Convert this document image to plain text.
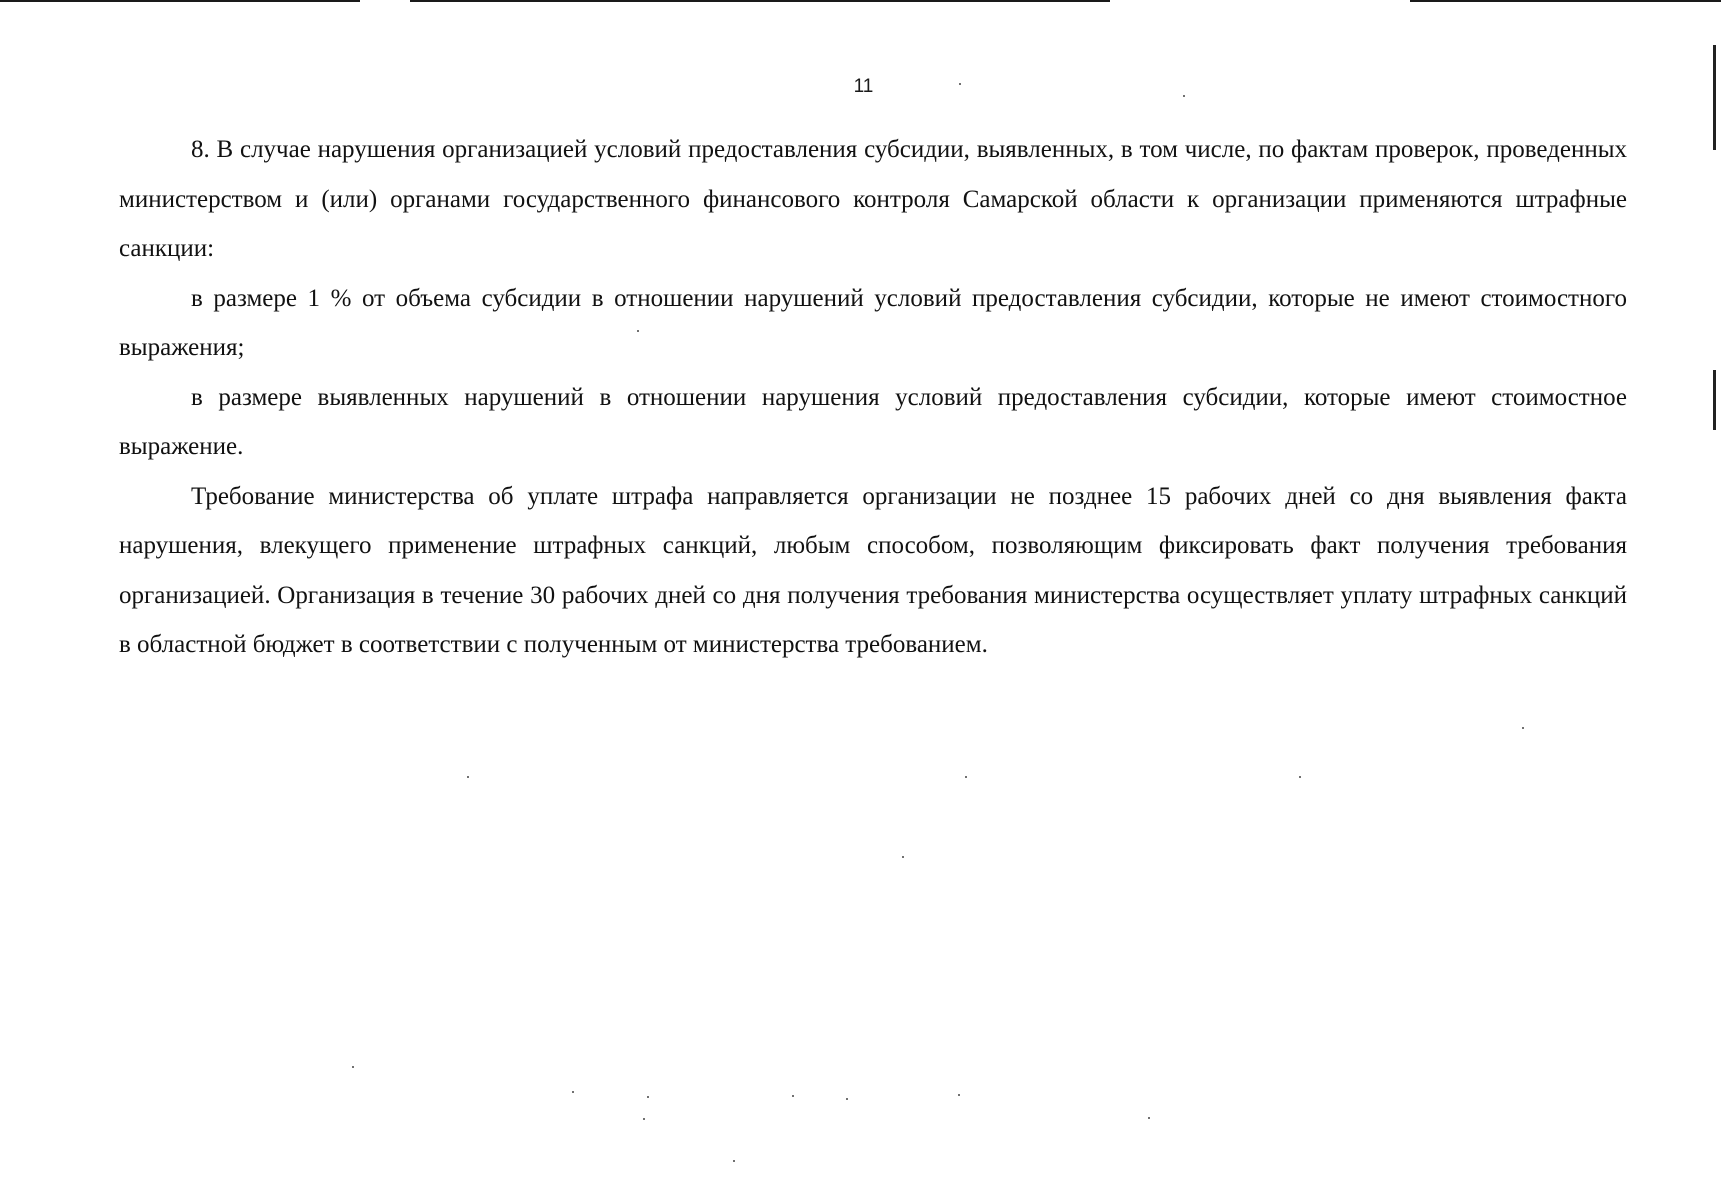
11

8. В случае нарушения организацией условий предоставления субсидии, выявленных, в том числе, по фактам проверок, проведенных министерством и (или) органами государственного финансового контроля Самарской области к организации применяются штрафные санкции:

в размере 1 % от объема субсидии в отношении нарушений условий предоставления субсидии, которые не имеют стоимостного выражения;

в размере выявленных нарушений в отношении нарушения условий предоставления субсидии, которые имеют стоимостное выражение.

Требование министерства об уплате штрафа направляется организации не позднее 15 рабочих дней со дня выявления факта нарушения, влекущего применение штрафных санкций, любым способом, позволяющим фиксировать факт получения требования организацией. Организация в течение 30 рабочих дней со дня получения требования министерства осуществляет уплату штрафных санкций в областной бюджет в соответствии с полученным от министерства требованием.
